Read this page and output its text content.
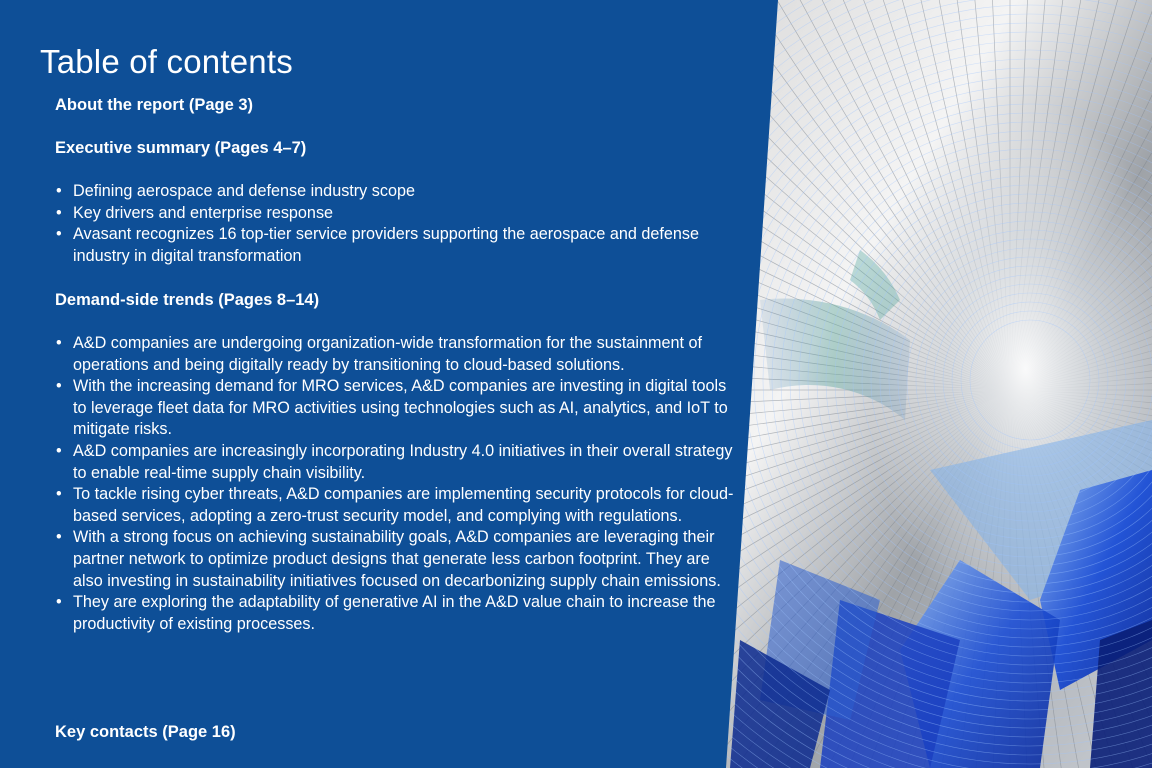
Table of contents

About the report (Page 3)

Executive summary (Pages 4–7)

• Defining aerospace and defense industry scope
• Key drivers and enterprise response
• Avasant recognizes 16 top-tier service providers supporting the aerospace and defense industry in digital transformation

Demand-side trends (Pages 8–14)

• A&D companies are undergoing organization-wide transformation for the sustainment of operations and being digitally ready by transitioning to cloud-based solutions.
• With the increasing demand for MRO services, A&D companies are investing in digital tools to leverage fleet data for MRO activities using technologies such as AI, analytics, and IoT to mitigate risks.
• A&D companies are increasingly incorporating Industry 4.0 initiatives in their overall strategy to enable real-time supply chain visibility.
• To tackle rising cyber threats, A&D companies are implementing security protocols for cloud-based services, adopting a zero-trust security model, and complying with regulations.
• With a strong focus on achieving sustainability goals, A&D companies are leveraging their partner network to optimize product designs that generate less carbon footprint. They are also investing in sustainability initiatives focused on decarbonizing supply chain emissions.
• They are exploring the adaptability of generative AI in the A&D value chain to increase the productivity of existing processes.

Key contacts (Page 16)
